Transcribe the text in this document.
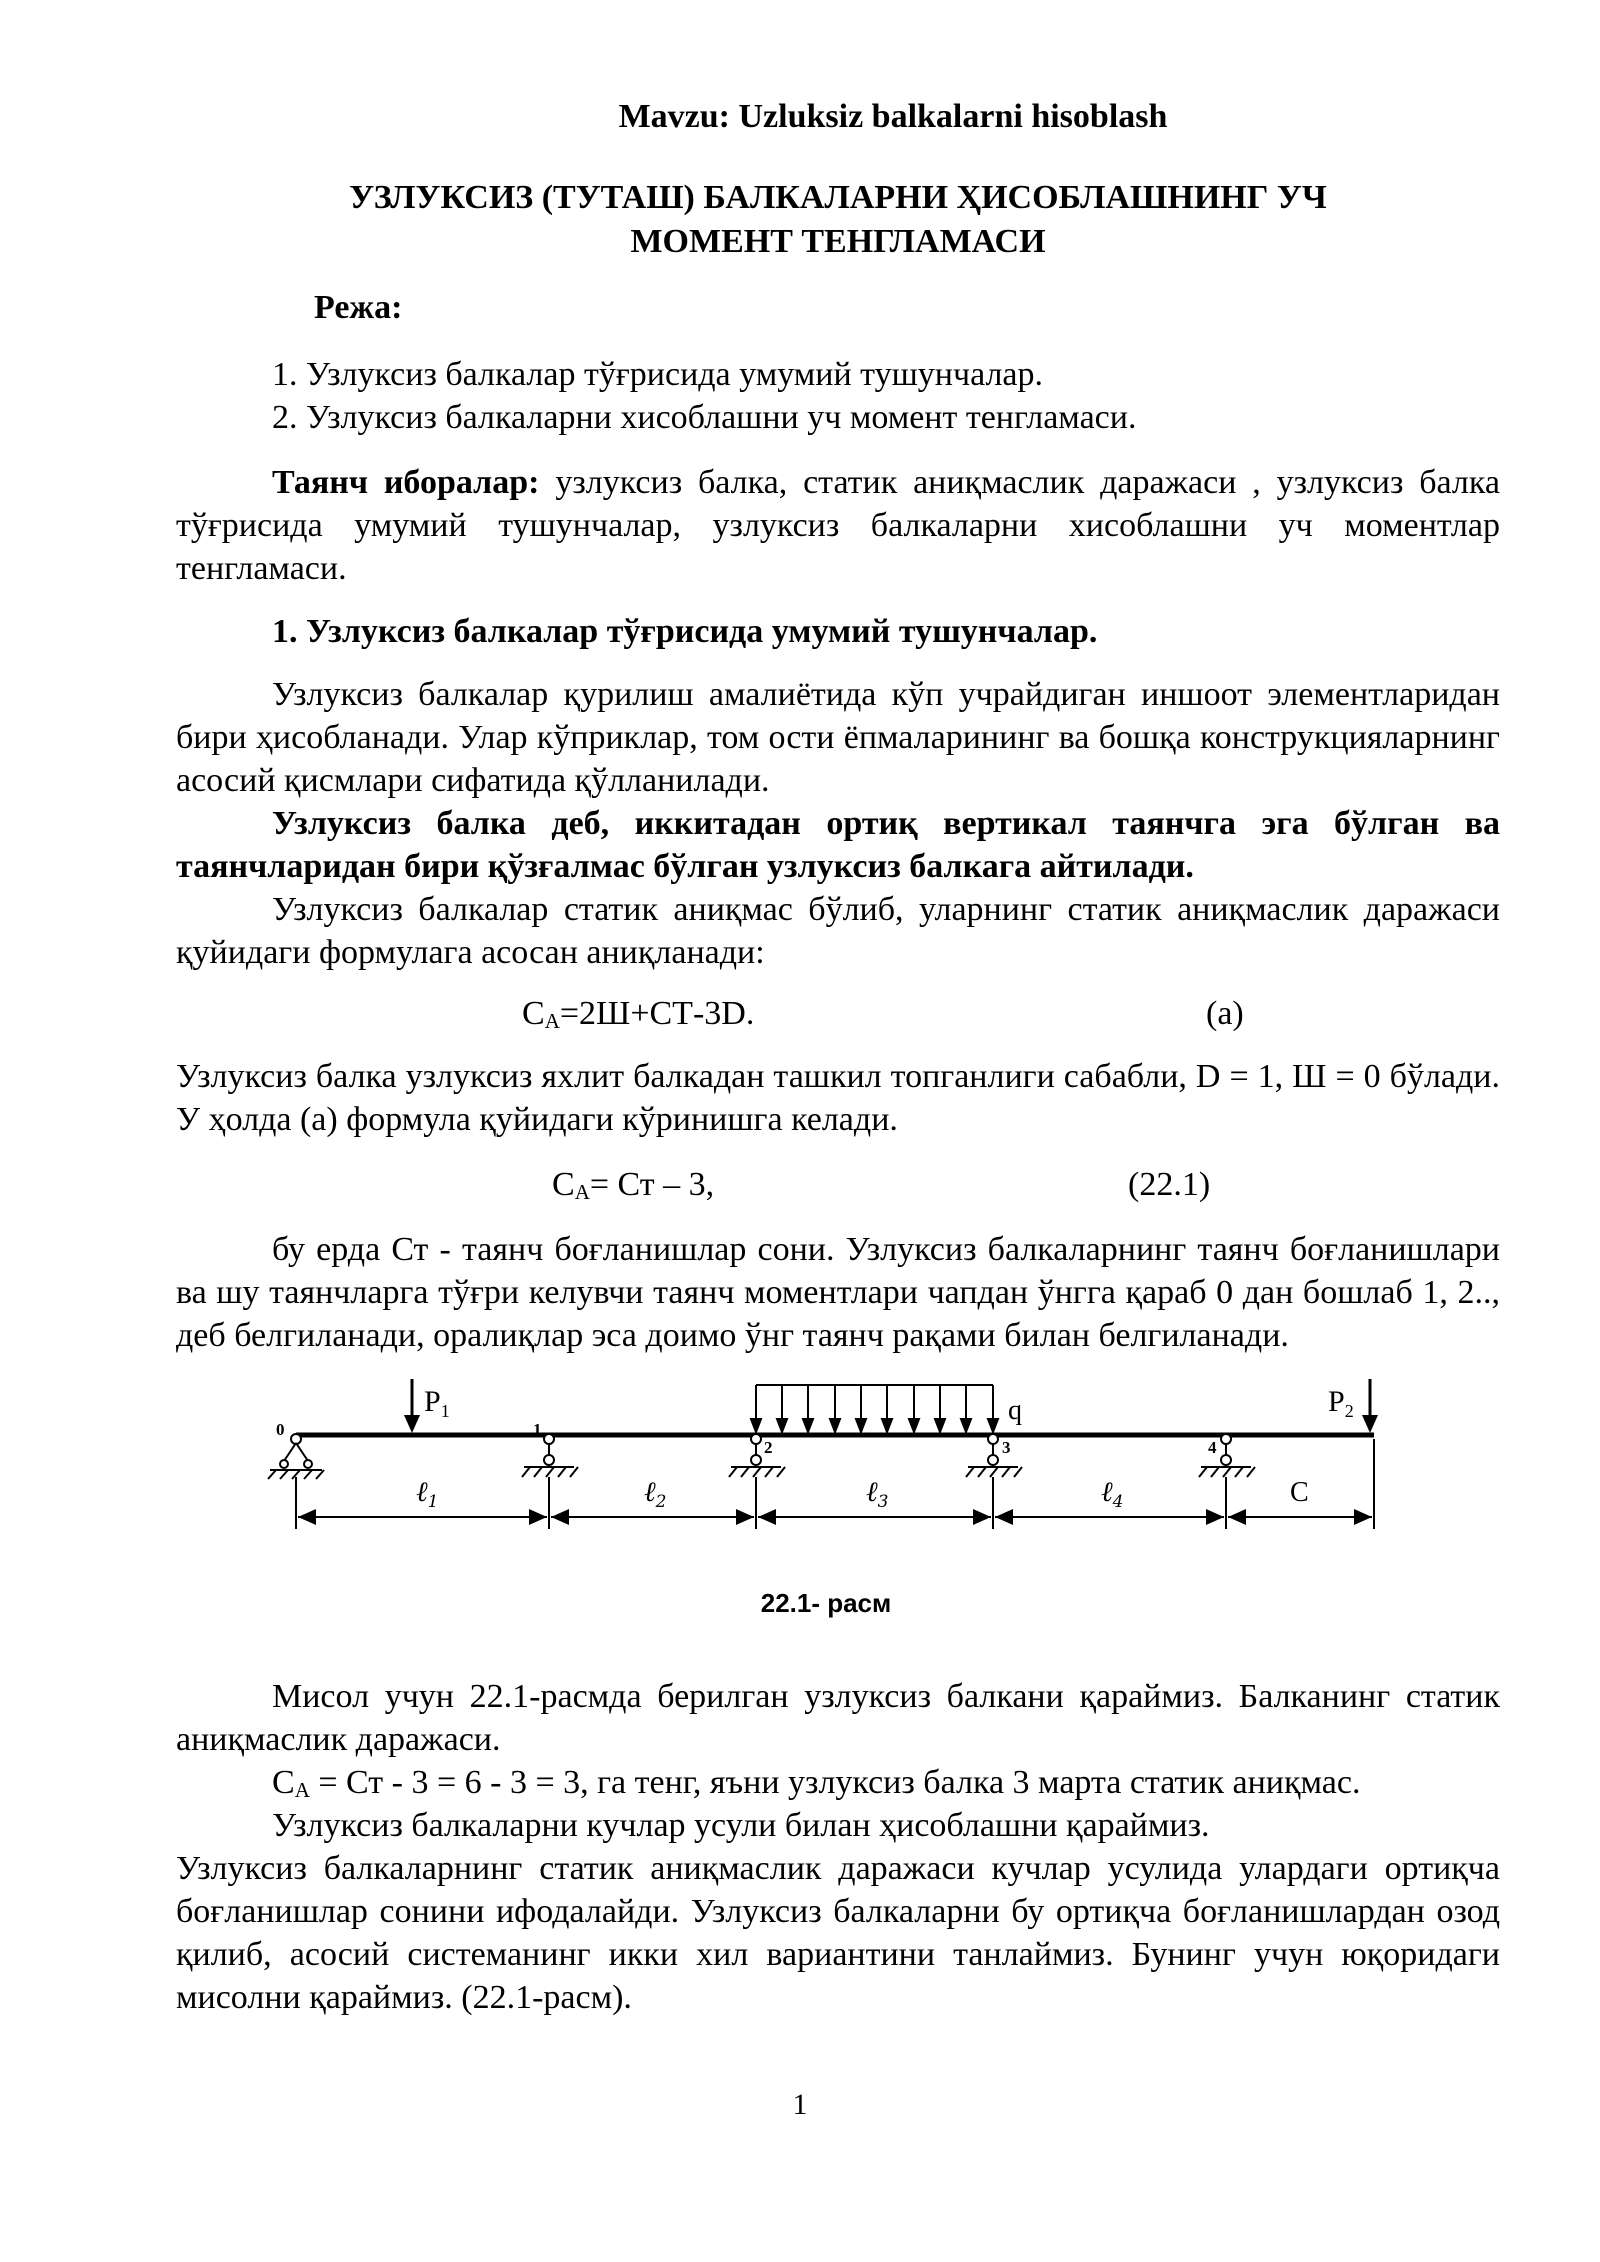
Mavzu: Uzluksiz balkalarni hisoblash

УЗЛУКСИЗ (ТУТАШ) БАЛКАЛАРНИ ҲИСОБЛАШНИНГ УЧ

МОМЕНТ ТЕНГЛАМАСИ

Режа:

1. Узлуксиз балкалар тўғрисида умумий тушунчалар.
2. Узлуксиз балкаларни хисоблашни уч момент тенгламаси.

Таянч иборалар: узлуксиз балка, статик аниқмаслик даражаси , узлуксиз балка тўғрисида умумий тушунчалар, узлуксиз балкаларни хисоблашни уч моментлар тенгламаси.

1. Узлуксиз балкалар тўғрисида умумий тушунчалар.

Узлуксиз балкалар қурилиш амалиётида кўп учрайдиган иншоот элементларидан бири ҳисобланади. Улар кўприклар, том ости ёпмаларининг ва бошқа конструкцияларнинг асосий қисмлари сифатида қўлланилади.

Узлуксиз балка деб, иккитадан ортиқ вертикал таянчга эга бўлган ва таянчларидан бири қўзғалмас бўлган узлуксиз балкага айтилади.

Узлуксиз балкалар статик аниқмас бўлиб, уларнинг статик аниқмаслик даражаси қуйидаги формулага асосан аниқланади:

$C_A=2Ш+СТ-3D$.	(a)

Узлуксиз балка узлуксиз яхлит балкадан ташкил топганлиги сабабли, D = 1, Ш = 0 бўлади. У ҳолда (а) формула қуйидаги кўринишга келади.

$C_A=$ Ст – 3,	(22.1)

бу ерда Ст - таянч боғланишлар сони. Узлуксиз балкаларнинг таянч боғланишлари ва шу таянчларга тўғри келувчи таянч моментлари чапдан ўнгга қараб 0 дан бошлаб 1, 2.., деб белгиланади, оралиқлар эса доимо ўнг таянч рақами билан белгиланади.

0	1
2	3	4
$P_1$	$P_2$
q
ℓ$_1$	ℓ$_2$	ℓ$_3$	ℓ$_4$	C
22.1- расм

Мисол учун 22.1-расмда берилган узлуксиз балкани қараймиз. Балканинг статик аниқмаслик даражаси.

$C_A$ = Ст - 3 = 6 - 3 = 3, га тенг, яъни узлуксиз балка 3 марта статик аниқмас.

Узлуксиз балкаларни кучлар усули билан ҳисоблашни қараймиз.

Узлуксиз балкаларнинг статик аниқмаслик даражаси кучлар усулида улардаги ортиқча боғланишлар сонини ифодалайди. Узлуксиз балкаларни бу ортиқча боғланишлардан озод қилиб, асосий системанинг икки хил вариантини танлаймиз. Бунинг учун юқоридаги мисолни қараймиз. (22.1-расм).

1
